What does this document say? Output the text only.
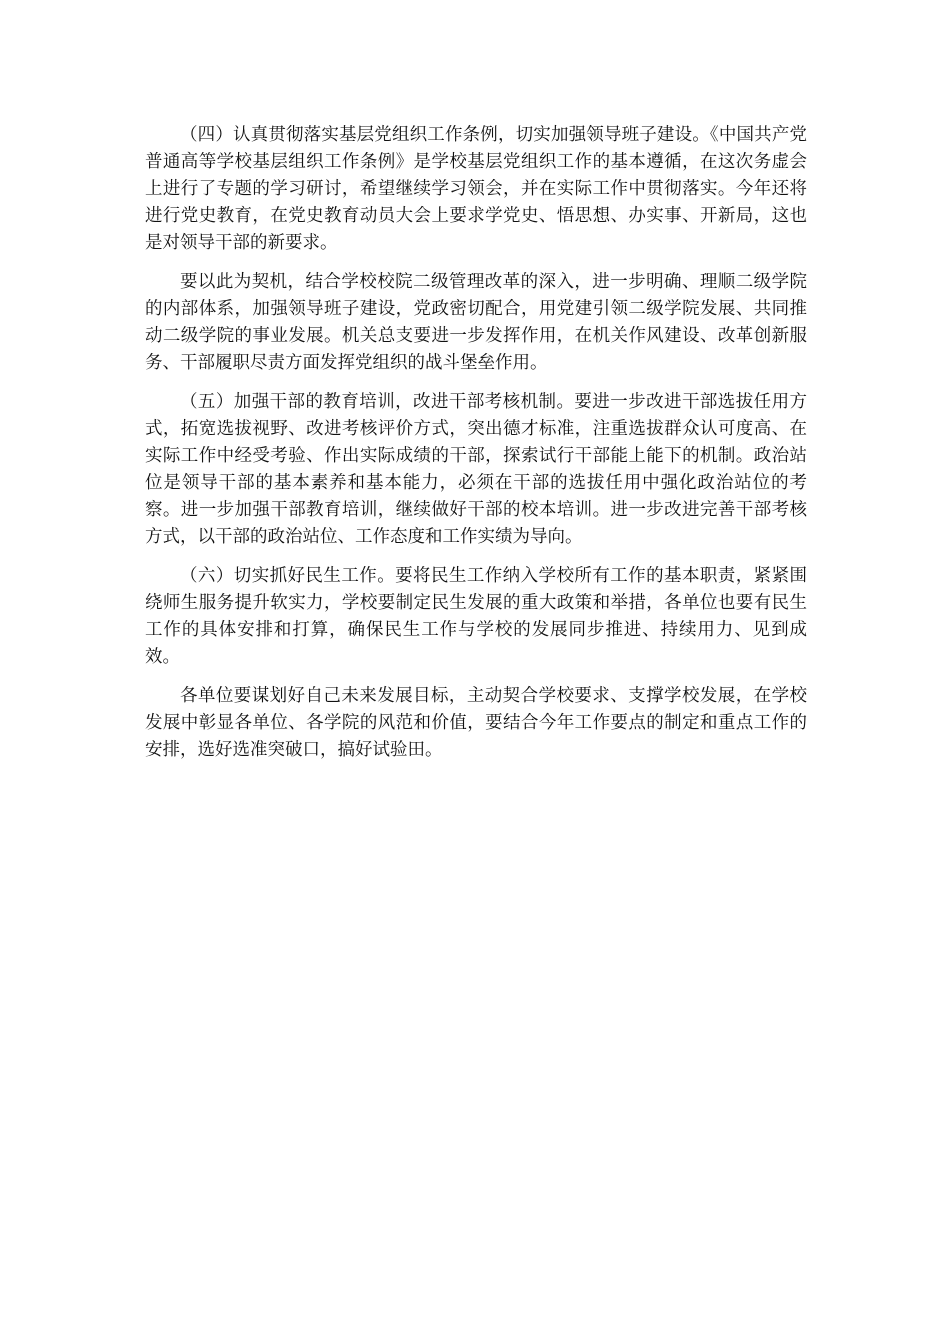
（四）认真贯彻落实基层党组织工作条例，切实加强领导班子建设。《中国共产党普通高等学校基层组织工作条例》是学校基层党组织工作的基本遵循，在这次务虚会上进行了专题的学习研讨，希望继续学习领会，并在实际工作中贯彻落实。今年还将进行党史教育，在党史教育动员大会上要求学党史、悟思想、办实事、开新局，这也是对领导干部的新要求。

要以此为契机，结合学校校院二级管理改革的深入，进一步明确、理顺二级学院的内部体系，加强领导班子建设，党政密切配合，用党建引领二级学院发展、共同推动二级学院的事业发展。机关总支要进一步发挥作用，在机关作风建设、改革创新服务、干部履职尽责方面发挥党组织的战斗堡垒作用。

（五）加强干部的教育培训，改进干部考核机制。要进一步改进干部选拔任用方式，拓宽选拔视野、改进考核评价方式，突出德才标准，注重选拔群众认可度高、在实际工作中经受考验、作出实际成绩的干部，探索试行干部能上能下的机制。政治站位是领导干部的基本素养和基本能力，必须在干部的选拔任用中强化政治站位的考察。进一步加强干部教育培训，继续做好干部的校本培训。进一步改进完善干部考核方式，以干部的政治站位、工作态度和工作实绩为导向。

（六）切实抓好民生工作。要将民生工作纳入学校所有工作的基本职责，紧紧围绕师生服务提升软实力，学校要制定民生发展的重大政策和举措，各单位也要有民生工作的具体安排和打算，确保民生工作与学校的发展同步推进、持续用力、见到成效。

各单位要谋划好自己未来发展目标，主动契合学校要求、支撑学校发展，在学校发展中彰显各单位、各学院的风范和价值，要结合今年工作要点的制定和重点工作的安排，选好选准突破口，搞好试验田。
